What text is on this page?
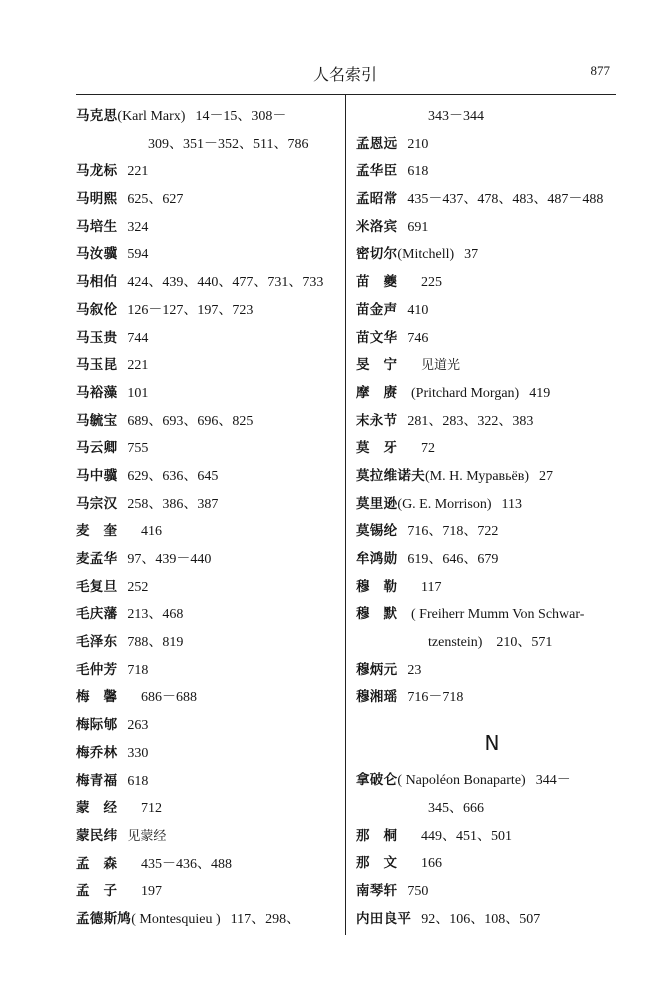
人名索引	877
马克思(Karl Marx) 14－15、308－
309、351－352、511、786
马龙标 221
马明熙 625、627
马培生 324
马汝骥 594
马相伯 424、439、440、477、731、733
马叙伦 126－127、197、723
马玉贵 744
马玉昆 221
马裕藻 101
马毓宝 689、693、696、825
马云卿 755
马中骥 629、636、645
马宗汉 258、386、387
麦奎 416
麦孟华 97、439－440
毛复旦 252
毛庆藩 213、468
毛泽东 788、819
毛仲芳 718
梅馨 686－688
梅际郇 263
梅乔林 330
梅青福 618
蒙经 712
蒙民纬 见蒙经
孟森 435－436、488
孟子 197
孟德斯鸠( Montesquieu ) 117、298、
343－344
孟恩远 210
孟华臣 618
孟昭常 435－437、478、483、487－488
米洛宾 691
密切尔(Mitchell) 37
苗夔 225
苗金声 410
苗文华 746
旻宁 见道光
摩赓(Pritchard Morgan) 419
末永节 281、283、322、383
莫牙 72
莫拉维诺夫(M. H. Муравьёв) 27
莫里逊(G. E. Morrison) 113
莫锡纶 716、718、722
牟鸿勋 619、646、679
穆勒 117
穆默( Freiherr Mumm Von Schwar-
tzenstein)　210、571
穆炳元 23
穆湘瑶 716－718
N
拿破仑( Napoléon Bonaparte) 344－
345、666
那桐 449、451、501
那文 166
南琴轩 750
内田良平 92、106、108、507
